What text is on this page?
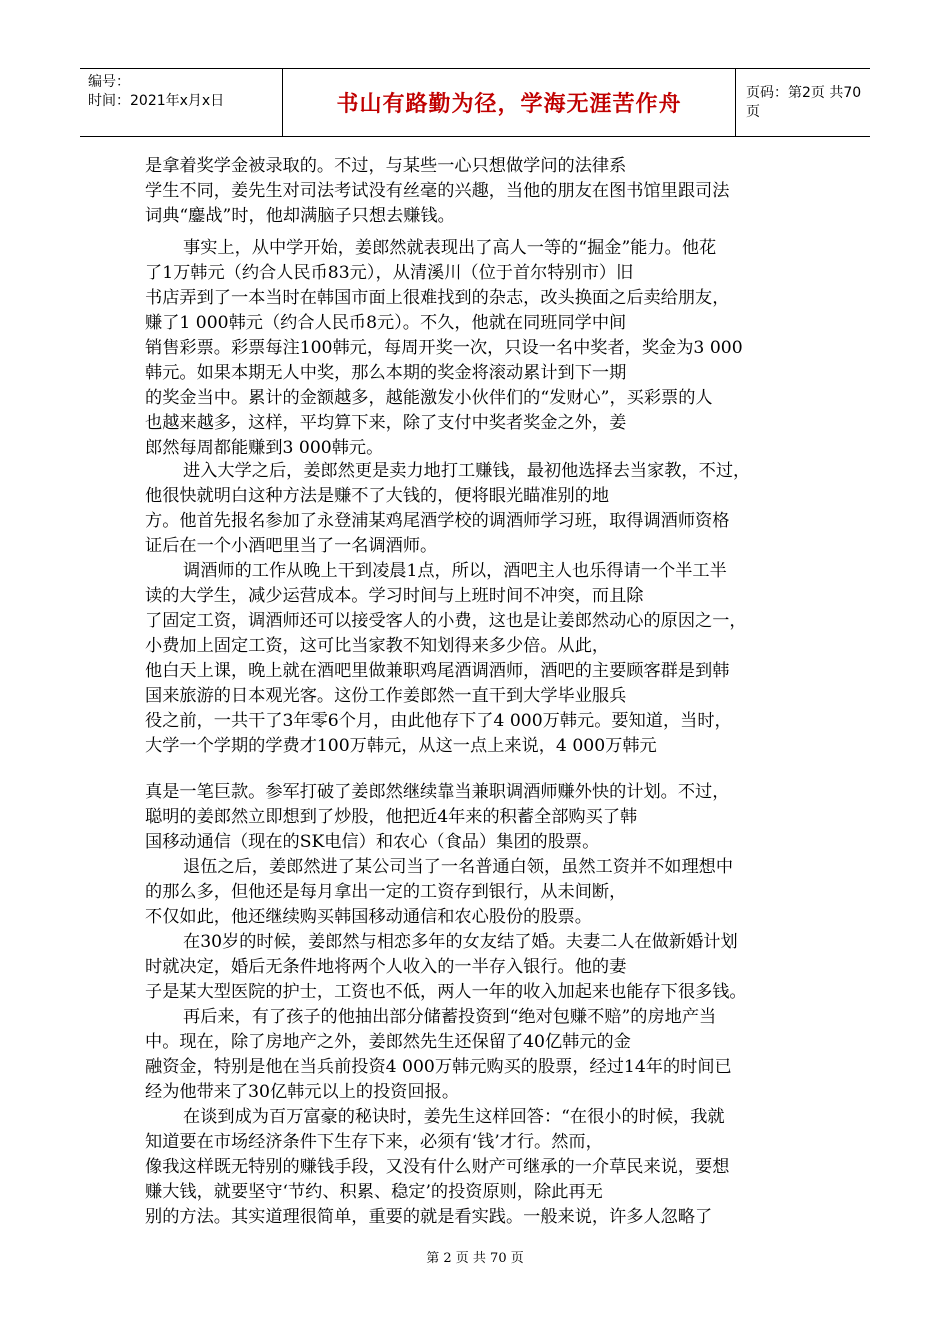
编号：
时间：2021年x月x日	书山有路勤为径，学海无涯苦作舟	页码：第2页 共70页
是拿着奖学金被录取的。不过，与某些一心只想做学问的法律系
学生不同，姜先生对司法考试没有丝毫的兴趣，当他的朋友在图书馆里跟司法
词典“鏖战”时，他却满脑子只想去赚钱。
事实上，从中学开始，姜郎然就表现出了高人一等的“掘金”能力。他花
了1万韩元（约合人民币83元），从清溪川（位于首尔特别市）旧
书店弄到了一本当时在韩国市面上很难找到的杂志，改头换面之后卖给朋友，
赚了1 000韩元（约合人民币8元）。不久，他就在同班同学中间
销售彩票。彩票每注100韩元，每周开奖一次，只设一名中奖者，奖金为3 000
韩元。如果本期无人中奖，那么本期的奖金将滚动累计到下一期
的奖金当中。累计的金额越多，越能激发小伙伴们的“发财心”，买彩票的人
也越来越多，这样，平均算下来，除了支付中奖者奖金之外，姜
郎然每周都能赚到3 000韩元。
进入大学之后，姜郎然更是卖力地打工赚钱，最初他选择去当家教，不过，
他很快就明白这种方法是赚不了大钱的，便将眼光瞄准别的地
方。他首先报名参加了永登浦某鸡尾酒学校的调酒师学习班，取得调酒师资格
证后在一个小酒吧里当了一名调酒师。
调酒师的工作从晚上干到凌晨1点，所以，酒吧主人也乐得请一个半工半
读的大学生，减少运营成本。学习时间与上班时间不冲突，而且除
了固定工资，调酒师还可以接受客人的小费，这也是让姜郎然动心的原因之一，
小费加上固定工资，这可比当家教不知划得来多少倍。从此，
他白天上课，晚上就在酒吧里做兼职鸡尾酒调酒师，酒吧的主要顾客群是到韩
国来旅游的日本观光客。这份工作姜郎然一直干到大学毕业服兵
役之前，一共干了3年零6个月，由此他存下了4 000万韩元。要知道，当时，
大学一个学期的学费才100万韩元，从这一点上来说，4 000万韩元
真是一笔巨款。参军打破了姜郎然继续靠当兼职调酒师赚外快的计划。不过，
聪明的姜郎然立即想到了炒股，他把近4年来的积蓄全部购买了韩
国移动通信（现在的SK电信）和农心（食品）集团的股票。
退伍之后，姜郎然进了某公司当了一名普通白领，虽然工资并不如理想中
的那么多，但他还是每月拿出一定的工资存到银行，从未间断，
不仅如此，他还继续购买韩国移动通信和农心股份的股票。
在30岁的时候，姜郎然与相恋多年的女友结了婚。夫妻二人在做新婚计划
时就决定，婚后无条件地将两个人收入的一半存入银行。他的妻
子是某大型医院的护士，工资也不低，两人一年的收入加起来也能存下很多钱。
再后来，有了孩子的他抽出部分储蓄投资到“绝对包赚不赔”的房地产当
中。现在，除了房地产之外，姜郎然先生还保留了40亿韩元的金
融资金，特别是他在当兵前投资4 000万韩元购买的股票，经过14年的时间已
经为他带来了30亿韩元以上的投资回报。
在谈到成为百万富豪的秘诀时，姜先生这样回答：“在很小的时候，我就
知道要在市场经济条件下生存下来，必须有‘钱’才行。然而，
像我这样既无特别的赚钱手段，又没有什么财产可继承的一介草民来说，要想
赚大钱，就要坚守‘节约、积累、稳定’的投资原则，除此再无
别的方法。其实道理很简单，重要的就是看实践。一般来说，许多人忽略了
第 2 页 共 70 页
